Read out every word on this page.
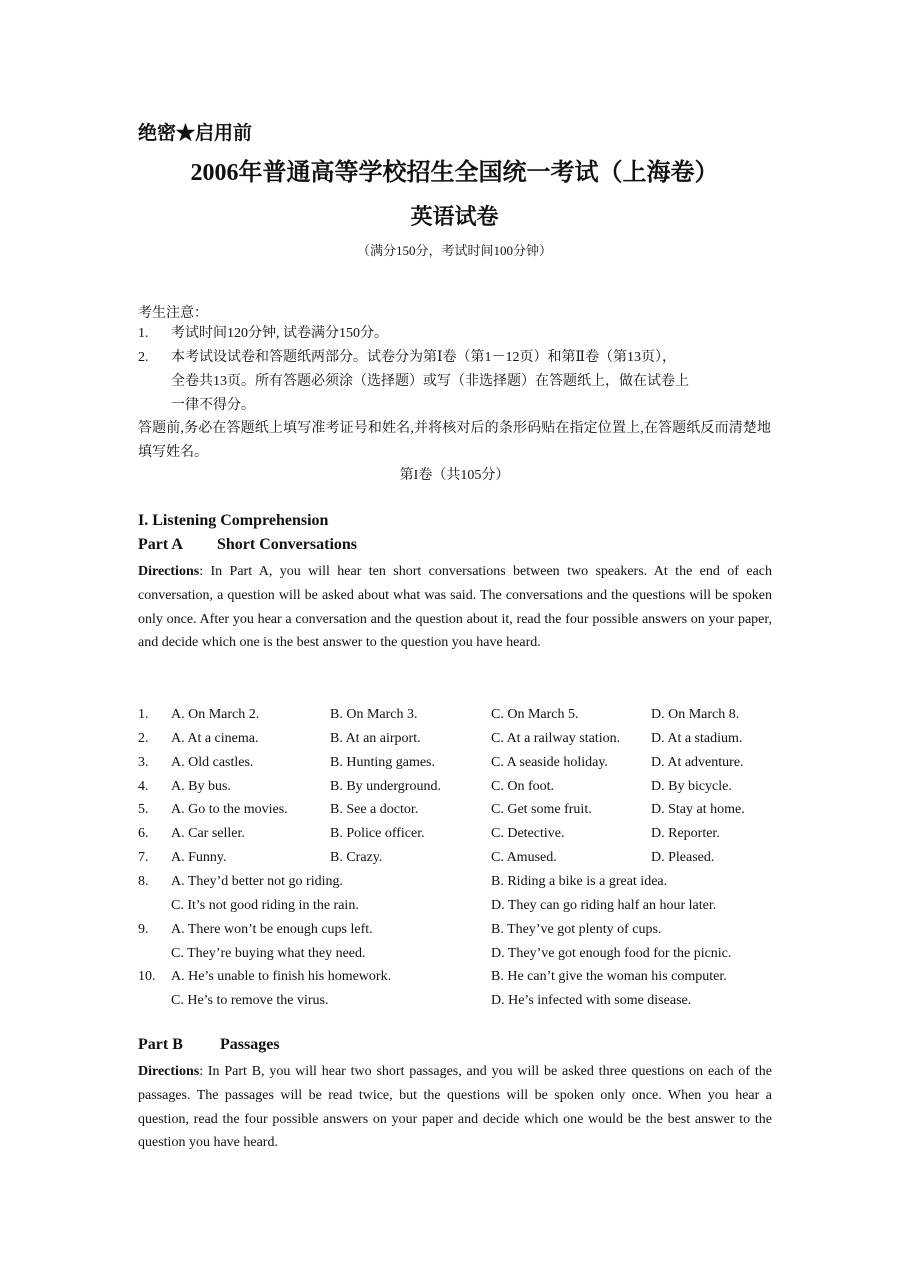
绝密★启用前

2006年普通高等学校招生全国统一考试（上海卷）

英语试卷

（满分150分，考试时间100分钟）

考生注意：

1. 考试时间120分钟, 试卷满分150分。

2. 本考试设试卷和答题纸两部分。试卷分为第Ⅰ卷（第1－12页）和第Ⅱ卷（第13页），

全卷共13页。所有答题必须涂（选择题）或写（非选择题）在答题纸上，做在试卷上

一律不得分。

答题前,务必在答题纸上填写准考证号和姓名,并将核对后的条形码贴在指定位置上,在答题纸反而清楚地填写姓名。

第I卷（共105分）

I. Listening Comprehension

Part A Short Conversations

Directions: In Part A, you will hear ten short conversations between two speakers. At the end of each conversation, a question will be asked about what was said. The conversations and the questions will be spoken only once. After you hear a conversation and the question about it, read the four possible answers on your paper, and decide which one is the best answer to the question you have heard.

1. A. On March 2.	B. On March 3.	C. On March 5.	D. On March 8.

2. A. At a cinema.	B. At an airport.	C. At a railway station. D. At a stadium.

3. A. Old castles.	B. Hunting games.	C. A seaside holiday.	D. At adventure.

4. A. By bus.	B. By underground.	C. On foot.	D. By bicycle.

5. A. Go to the movies.	B. See a doctor.	C. Get some fruit.	D. Stay at home.

6. A. Car seller.	B. Police officer.	C. Detective.	D. Reporter.

7. A. Funny.	B. Crazy.	C. Amused.	D. Pleased.

8. A. They’d better not go riding.	B. Riding a bike is a great idea.

C. It’s not good riding in the rain.	D. They can go riding half an hour later.

9. A. There won’t be enough cups left.	B. They’ve got plenty of cups.

C. They’re buying what they need.	D. They’ve got enough food for the picnic.

10. A. He’s unable to finish his homework.	B. He can’t give the woman his computer.

C. He’s to remove the virus.	D. He’s infected with some disease.

Part B Passages

Directions: In Part B, you will hear two short passages, and you will be asked three questions on each of the passages. The passages will be read twice, but the questions will be spoken only once. When you hear a question, read the four possible answers on your paper and decide which one would be the best answer to the question you have heard.
